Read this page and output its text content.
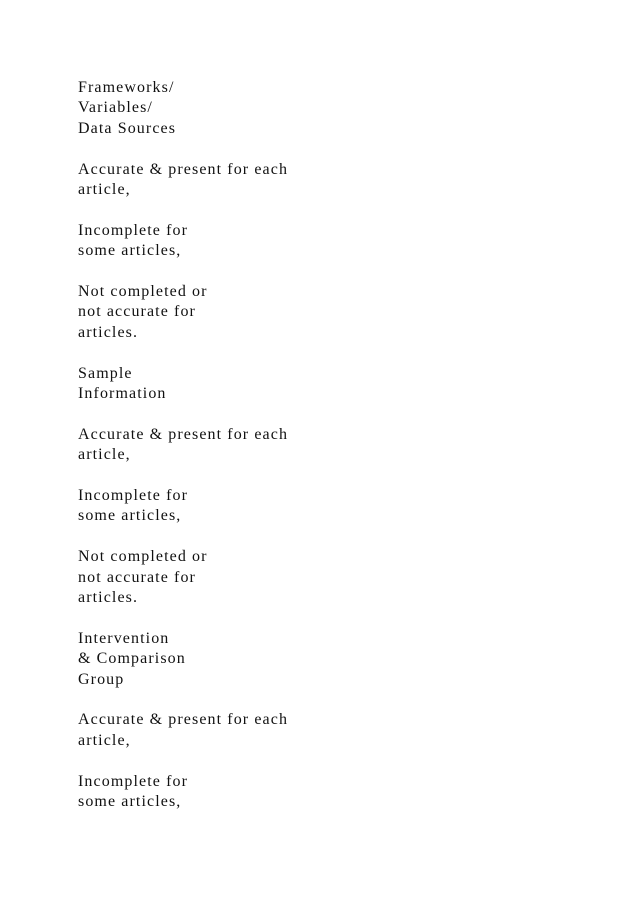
Frameworks/
Variables/
Data Sources

Accurate & present for each
article,

Incomplete for
some articles,

Not completed or
not accurate for
articles.

Sample
Information

Accurate & present for each
article,

Incomplete for
some articles,

Not completed or
not accurate for
articles.

Intervention
& Comparison
Group

Accurate & present for each
article,

Incomplete for
some articles,
